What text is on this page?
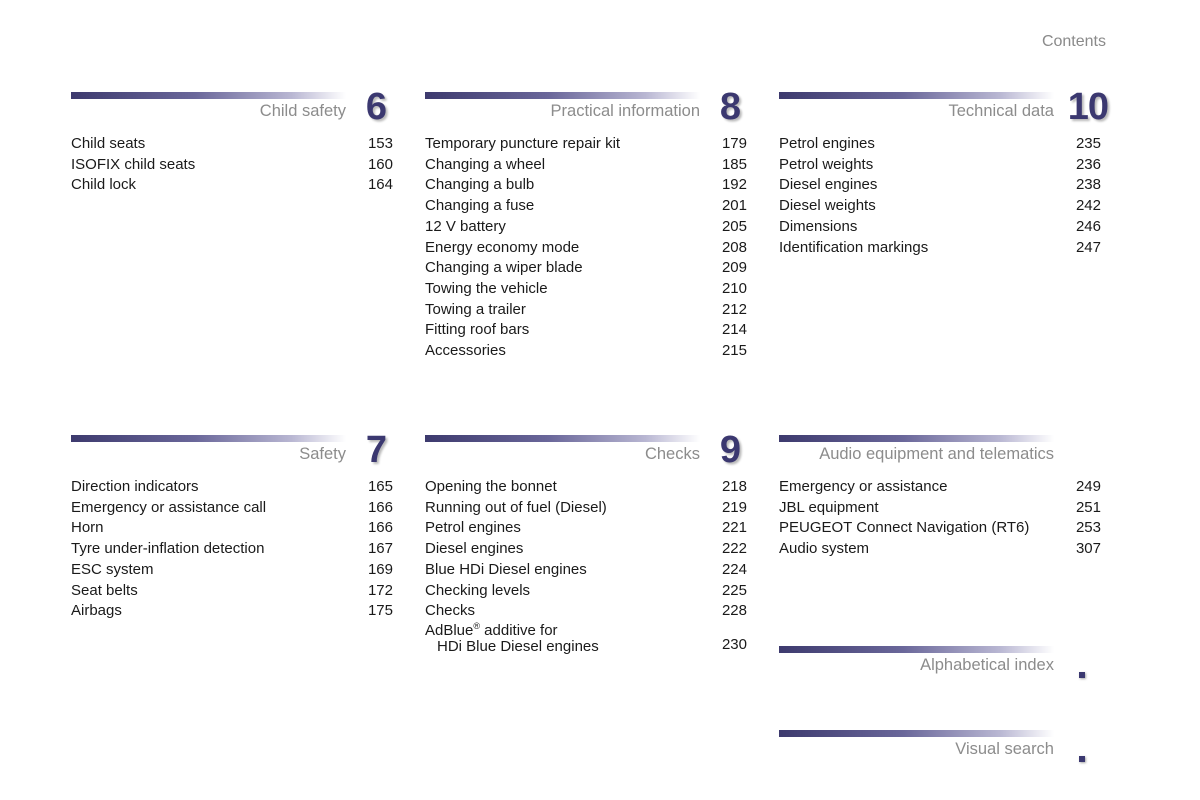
Contents
Child safety 6
Child seats	153
ISOFIX child seats	160
Child lock	164
Practical information 8
Temporary puncture repair kit	179
Changing a wheel	185
Changing a bulb	192
Changing a fuse	201
12 V battery	205
Energy economy mode	208
Changing a wiper blade	209
Towing the vehicle	210
Towing a trailer	212
Fitting roof bars	214
Accessories	215
Technical data 10
Petrol engines	235
Petrol weights	236
Diesel engines	238
Diesel weights	242
Dimensions	246
Identification markings	247
Safety 7
Direction indicators	165
Emergency or assistance call	166
Horn	166
Tyre under-inflation detection	167
ESC system	169
Seat belts	172
Airbags	175
Checks 9
Opening the bonnet	218
Running out of fuel (Diesel)	219
Petrol engines	221
Diesel engines	222
Blue HDi Diesel engines	224
Checking levels	225
Checks	228
AdBlue® additive for
HDi Blue Diesel engines	230
Audio equipment and telematics
Emergency or assistance	249
JBL equipment	251
PEUGEOT Connect Navigation (RT6)	253
Audio system	307
Alphabetical index
Visual search
